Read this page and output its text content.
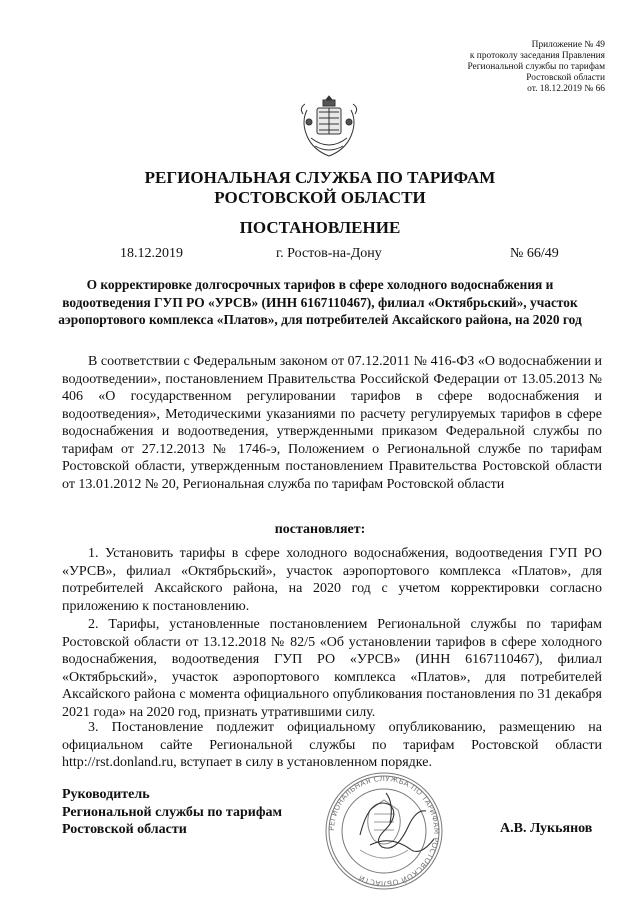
Приложение № 49
к протоколу заседания Правления
Региональной службы по тарифам
Ростовской области
от. 18.12.2019 № 66
РЕГИОНАЛЬНАЯ СЛУЖБА ПО ТАРИФАМ
РОСТОВСКОЙ ОБЛАСТИ
ПОСТАНОВЛЕНИЕ
18.12.2019	г. Ростов-на-Дону	№ 66/49
О корректировке долгосрочных тарифов в сфере холодного водоснабжения и водоотведения ГУП РО «УРСВ» (ИНН 6167110467), филиал «Октябрьский», участок аэропортового комплекса «Платов», для потребителей Аксайского района, на 2020 год
В соответствии с Федеральным законом от 07.12.2011 № 416-ФЗ «О водоснабжении и водоотведении», постановлением Правительства Российской Федерации от 13.05.2013 № 406 «О государственном регулировании тарифов в сфере водоснабжения и водоотведения», Методическими указаниями по расчету регулируемых тарифов в сфере водоснабжения и водоотведения, утвержденными приказом Федеральной службы по тарифам от 27.12.2013 № 1746-э, Положением о Региональной службе по тарифам Ростовской области, утвержденным постановлением Правительства Ростовской области от 13.01.2012 № 20, Региональная служба по тарифам Ростовской области
постановляет:
1. Установить тарифы в сфере холодного водоснабжения, водоотведения ГУП РО «УРСВ», филиал «Октябрьский», участок аэропортового комплекса «Платов», для потребителей Аксайского района, на 2020 год с учетом корректировки согласно приложению к постановлению.
2. Тарифы, установленные постановлением Региональной службы по тарифам Ростовской области от 13.12.2018 № 82/5 «Об установлении тарифов в сфере холодного водоснабжения, водоотведения ГУП РО «УРСВ» (ИНН 6167110467), филиал «Октябрьский», участок аэропортового комплекса «Платов», для потребителей Аксайского района с момента официального опубликования постановления по 31 декабря 2021 года» на 2020 год, признать утратившими силу.
3. Постановление подлежит официальному опубликованию, размещению на официальном сайте Региональной службы по тарифам Ростовской области http://rst.donland.ru, вступает в силу в установленном порядке.
РЕГИОНАЛЬНАЯ СЛУЖБА ПО ТАРИФАМ РОСТОВСКОЙ ОБЛАСТИ
Руководитель
Региональной службы по тарифам
Ростовской области	А.В. Лукьянов
